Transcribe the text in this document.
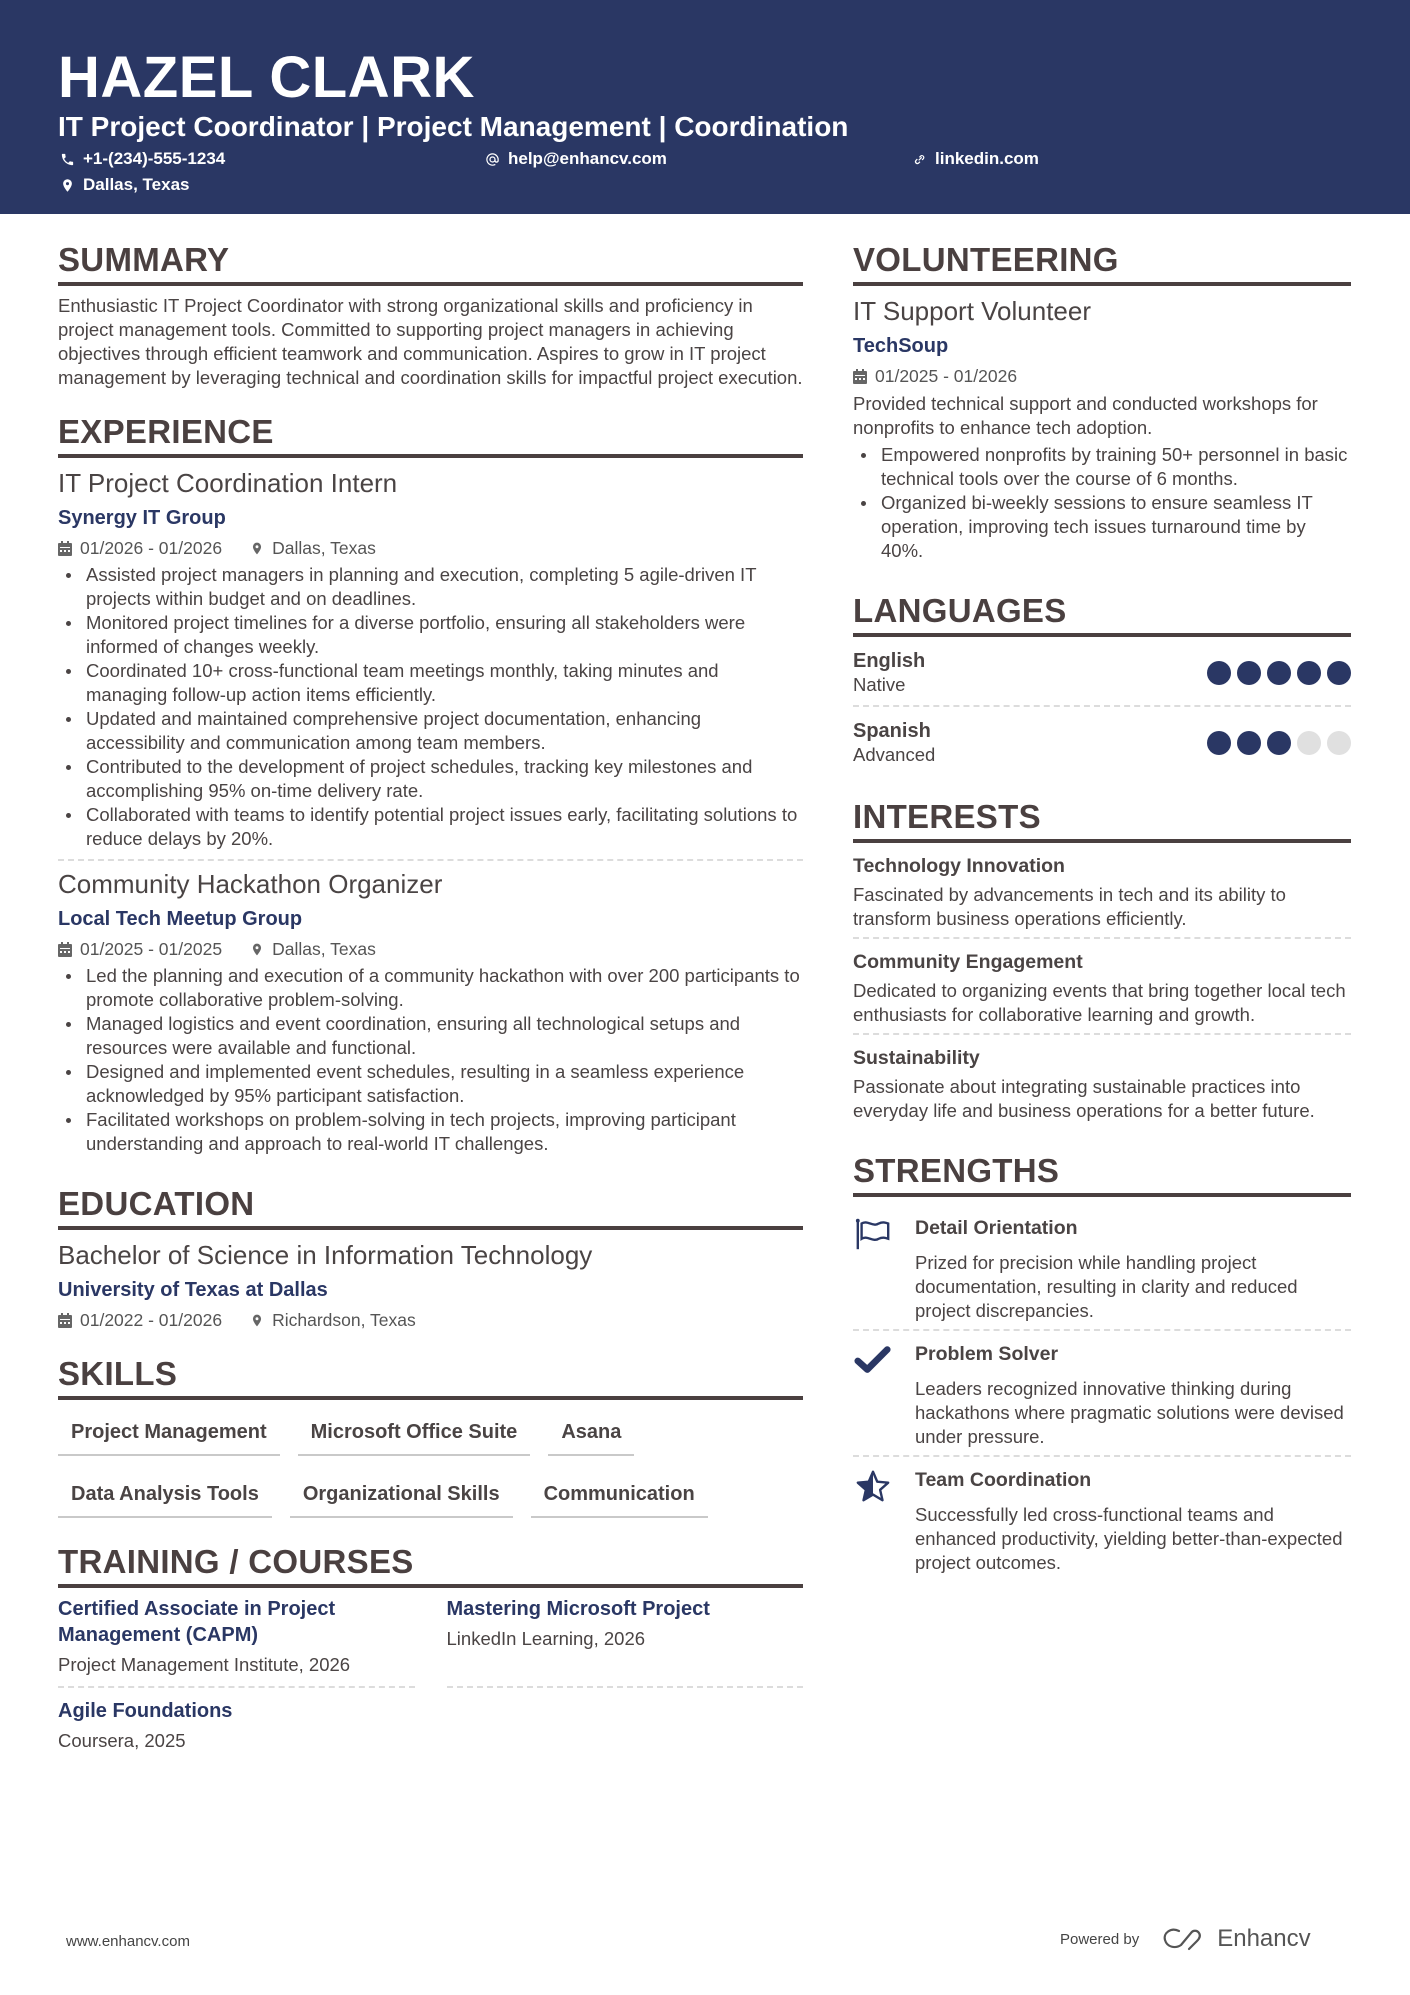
HAZEL CLARK
IT Project Coordinator | Project Management | Coordination
+1-(234)-555-1234	help@enhancv.com	linkedin.com
Dallas, Texas
SUMMARY
Enthusiastic IT Project Coordinator with strong organizational skills and proficiency in project management tools. Committed to supporting project managers in achieving objectives through efficient teamwork and communication. Aspires to grow in IT project management by leveraging technical and coordination skills for impactful project execution.
EXPERIENCE
IT Project Coordination Intern
Synergy IT Group
01/2026 - 01/2026	Dallas, Texas
Assisted project managers in planning and execution, completing 5 agile-driven IT projects within budget and on deadlines.
Monitored project timelines for a diverse portfolio, ensuring all stakeholders were informed of changes weekly.
Coordinated 10+ cross-functional team meetings monthly, taking minutes and managing follow-up action items efficiently.
Updated and maintained comprehensive project documentation, enhancing accessibility and communication among team members.
Contributed to the development of project schedules, tracking key milestones and accomplishing 95% on-time delivery rate.
Collaborated with teams to identify potential project issues early, facilitating solutions to reduce delays by 20%.
Community Hackathon Organizer
Local Tech Meetup Group
01/2025 - 01/2025	Dallas, Texas
Led the planning and execution of a community hackathon with over 200 participants to promote collaborative problem-solving.
Managed logistics and event coordination, ensuring all technological setups and resources were available and functional.
Designed and implemented event schedules, resulting in a seamless experience acknowledged by 95% participant satisfaction.
Facilitated workshops on problem-solving in tech projects, improving participant understanding and approach to real-world IT challenges.
EDUCATION
Bachelor of Science in Information Technology
University of Texas at Dallas
01/2022 - 01/2026	Richardson, Texas
SKILLS
Project Management	Microsoft Office Suite	Asana
Data Analysis Tools	Organizational Skills	Communication
TRAINING / COURSES
Certified Associate in Project Management (CAPM)
Project Management Institute, 2026
Mastering Microsoft Project
LinkedIn Learning, 2026
Agile Foundations
Coursera, 2025
VOLUNTEERING
IT Support Volunteer
TechSoup
01/2025 - 01/2026
Provided technical support and conducted workshops for nonprofits to enhance tech adoption.
Empowered nonprofits by training 50+ personnel in basic technical tools over the course of 6 months.
Organized bi-weekly sessions to ensure seamless IT operation, improving tech issues turnaround time by 40%.
LANGUAGES
English
Native
Spanish
Advanced
INTERESTS
Technology Innovation
Fascinated by advancements in tech and its ability to transform business operations efficiently.
Community Engagement
Dedicated to organizing events that bring together local tech enthusiasts for collaborative learning and growth.
Sustainability
Passionate about integrating sustainable practices into everyday life and business operations for a better future.
STRENGTHS
Detail Orientation
Prized for precision while handling project documentation, resulting in clarity and reduced project discrepancies.
Problem Solver
Leaders recognized innovative thinking during hackathons where pragmatic solutions were devised under pressure.
Team Coordination
Successfully led cross-functional teams and enhanced productivity, yielding better-than-expected project outcomes.
www.enhancv.com	Powered by	Enhancv
